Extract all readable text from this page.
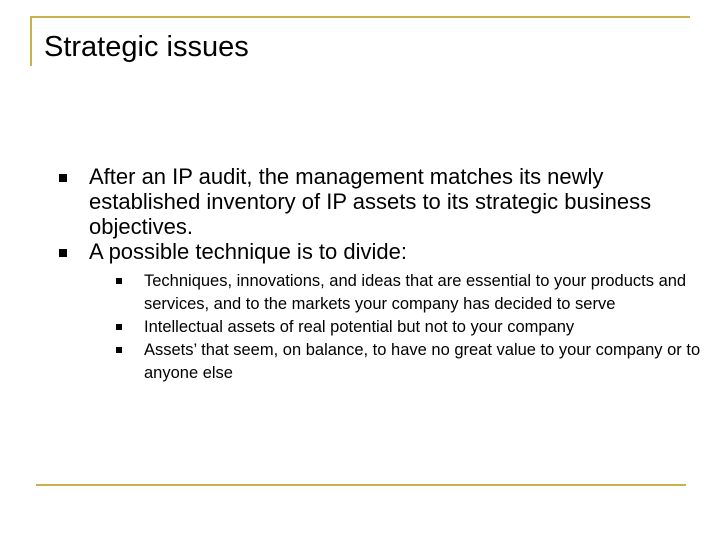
Strategic issues
After an IP audit, the management matches its newly established inventory of IP assets to its strategic business objectives.
A possible technique is to divide:
Techniques, innovations, and ideas that are essential to your products and services, and to the markets your company has decided to serve
Intellectual assets of real potential but not to your company
Assets’ that seem, on balance, to have no great value to your company or to anyone else
